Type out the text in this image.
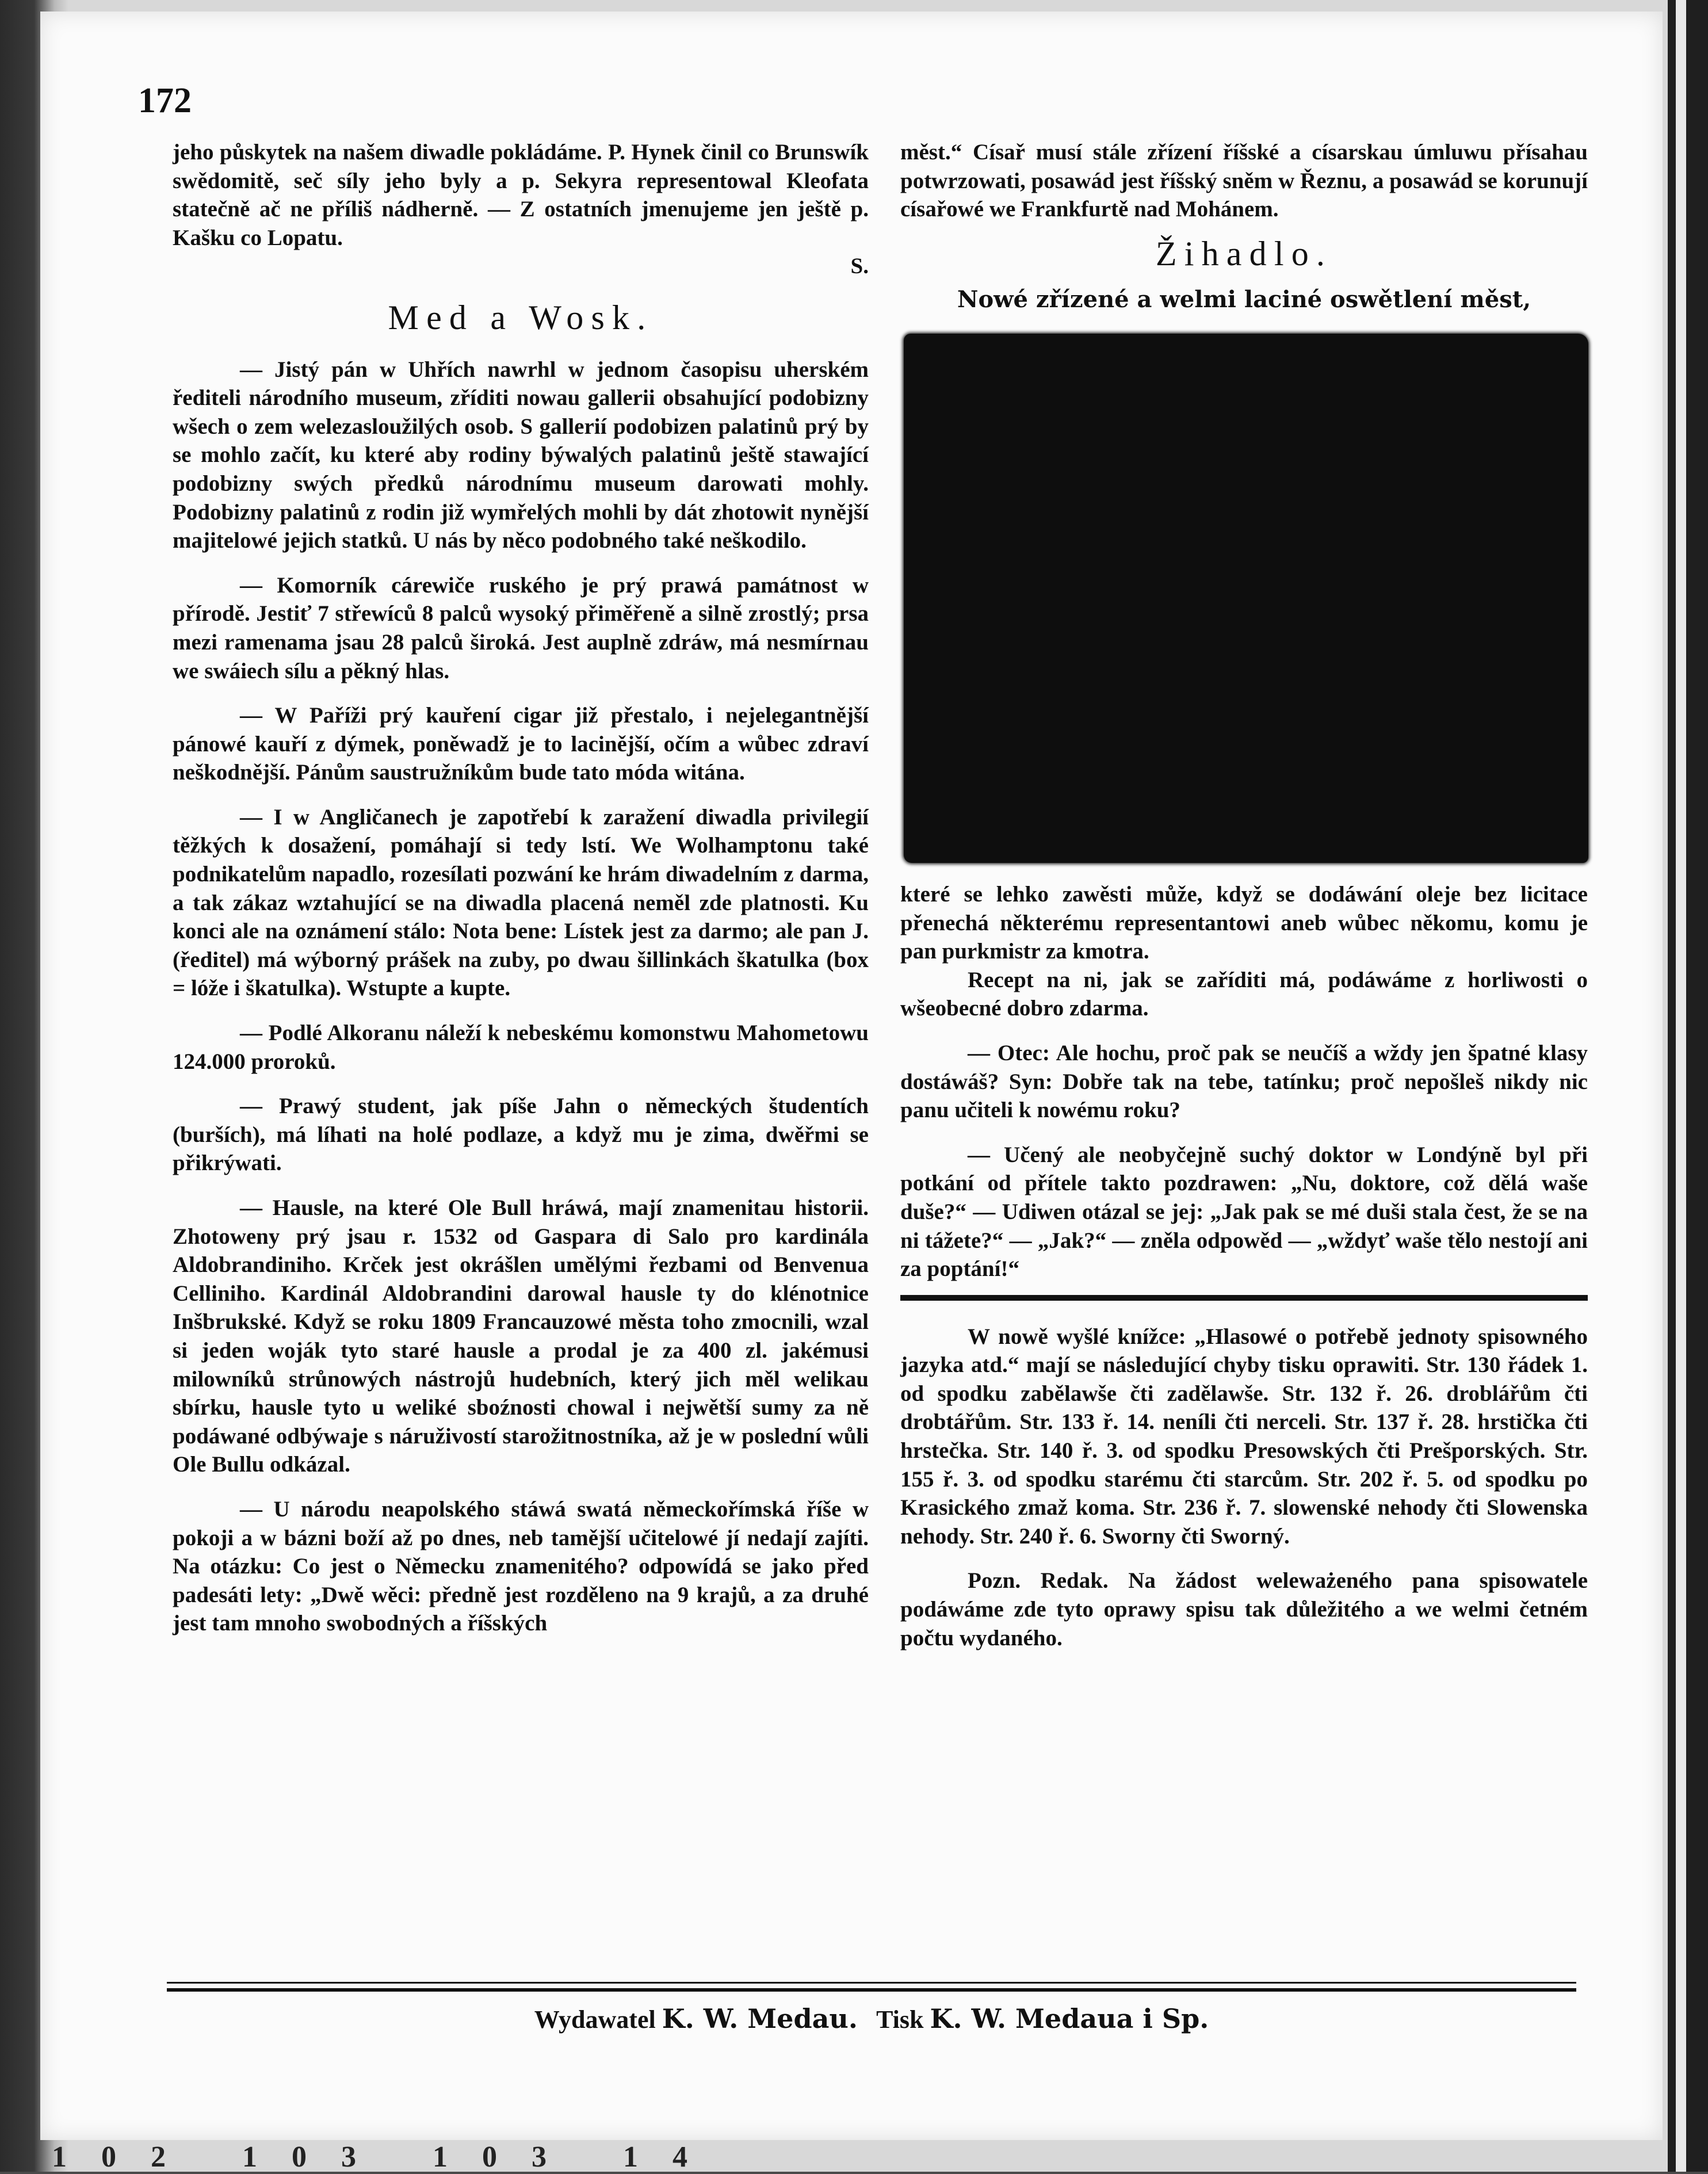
172

jeho půskytek na našem diwadle pokládáme. P. Hynek činil co Brunswík swědomitě, seč síly jeho byly a p. Sekyra representowal Kleofata statečně ač ne příliš nádherně. — Z ostatních jmenujeme jen ještě p. Kašku co Lopatu.

S.
Med a Wosk.

— Jistý pán w Uhřích nawrhl w jednom časopisu uherském řediteli národního museum, zříditi nowau gallerii obsahující podobizny wšech o zem welezasloužilých osob. S gallerií podobizen palatinů prý by se mohlo začít, ku které aby rodiny býwalých palatinů ještě stawající podobizny swých předků národnímu museum darowati mohly. Podobizny palatinů z rodin již wymřelých mohli by dát zhotowit nynější majitelowé jejich statků. U nás by něco podobného také neškodilo.

— Komorník cárewiče ruského je prý prawá památnost w přírodě. Jestiť 7 střewíců 8 palců wysoký přiměřeně a silně zrostlý; prsa mezi ramenama jsau 28 palců široká. Jest auplně zdráw, má nesmírnau we swáiech sílu a pěkný hlas.

— W Paříži prý kauření cigar již přestalo, i nejelegantnější pánowé kauří z dýmek, poněwadž je to lacinější, očím a wůbec zdraví neškodnější. Pánům saustružníkům bude tato móda witána.

— I w Angličanech je zapotřebí k zaražení diwadla privilegií těžkých k dosažení, pomáhají si tedy lstí. We Wolhamptonu také podnikatelům napadlo, rozesílati pozwání ke hrám diwadelním z darma, a tak zákaz wztahující se na diwadla placená neměl zde platnosti. Ku konci ale na oznámení stálo: Nota bene: Lístek jest za darmo; ale pan J. (ředitel) má wýborný prášek na zuby, po dwau šillinkách škatulka (box = lóže i škatulka). Wstupte a kupte.

— Podlé Alkoranu náleží k nebeskému komonstwu Mahometowu 124.000 proroků.

— Prawý student, jak píše Jahn o německých študentích (burších), má líhati na holé podlaze, a když mu je zima, dwěřmi se přikrýwati.

— Hausle, na které Ole Bull hráwá, mají znamenitau historii. Zhotoweny prý jsau r. 1532 od Gaspara di Salo pro kardinála Aldobrandiniho. Krček jest okrášlen umělými řezbami od Benvenua Celliniho. Kardinál Aldobrandini darowal hausle ty do klénotnice Inšbrukské. Když se roku 1809 Francauzowé města toho zmocnili, wzal si jeden woják tyto staré hausle a prodal je za 400 zl. jakémusi milowníků strůnowých nástrojů hudebních, který jich měl welikau sbírku, hausle tyto u weliké sboźnosti chowal i nejwětší sumy za ně podáwané odbýwaje s náruživostí starožitnostníka, až je w poslední wůli Ole Bullu odkázal.

— U národu neapolského stáwá swatá německořímská říše w pokoji a w bázni boží až po dnes, neb tamější učitelowé jí nedají zajíti. Na otázku: Co jest o Německu znamenitého? odpowídá se jako před padesáti lety: „Dwě wěci: předně jest rozděleno na 9 krajů, a za druhé jest tam mnoho swobodných a říšských

měst.“ Císař musí stále zřízení říšské a císarskau úmluwu přísahau potwrzowati, posawád jest říšský sněm w Řeznu, a posawád se korunují císařowé we Frankfurtě nad Mohánem.

Žihadlo.
Nowé zřízené a welmi laciné oswětlení měst,

které se lehko zawěsti může, když se dodáwání oleje bez licitace přenechá některému representantowi aneb wůbec někomu, komu je pan purkmistr za kmotra.

Recept na ni, jak se zaříditi má, podáwáme z horliwosti o wšeobecné dobro zdarma.

— Otec: Ale hochu, proč pak se neučíš a wždy jen špatné klasy dostáwáš? Syn: Dobře tak na tebe, tatínku; proč nepošleš nikdy nic panu učiteli k nowému roku?

— Učený ale neobyčejně suchý doktor w Londýně byl při potkání od přítele takto pozdrawen: „Nu, doktore, což dělá waše duše?“ — Udiwen otázal se jej: „Jak pak se mé duši stala čest, že se na ni tážete?“ — „Jak?“ — zněla odpowěd — „wždyť waše tělo nestojí ani za poptání!“

W nowě wyšlé knížce: „Hlasowé o potřebě jednoty spisowného jazyka atd.“ mají se následující chyby tisku oprawiti. Str. 130 řádek 1. od spodku zabělawše čti zadělawše. Str. 132 ř. 26. droblářům čti drobtářům. Str. 133 ř. 14. neníli čti nerceli. Str. 137 ř. 28. hrstička čti hrstečka. Str. 140 ř. 3. od spodku Presowských čti Prešporských. Str. 155 ř. 3. od spodku starému čti starcům. Str. 202 ř. 5. od spodku po Krasického zmaž koma. Str. 236 ř. 7. slowenské nehody čti Slowenska nehody. Str. 240 ř. 6. Sworny čti Sworný.

Pozn. Redak. Na žádost weleważeného pana spisowatele podáwáme zde tyto oprawy spisu tak důležitého a we welmi četném počtu wydaného.

Wydawatel K. W. Medau. Tisk K. W. Medaua i Sp.
102 103 103 14
